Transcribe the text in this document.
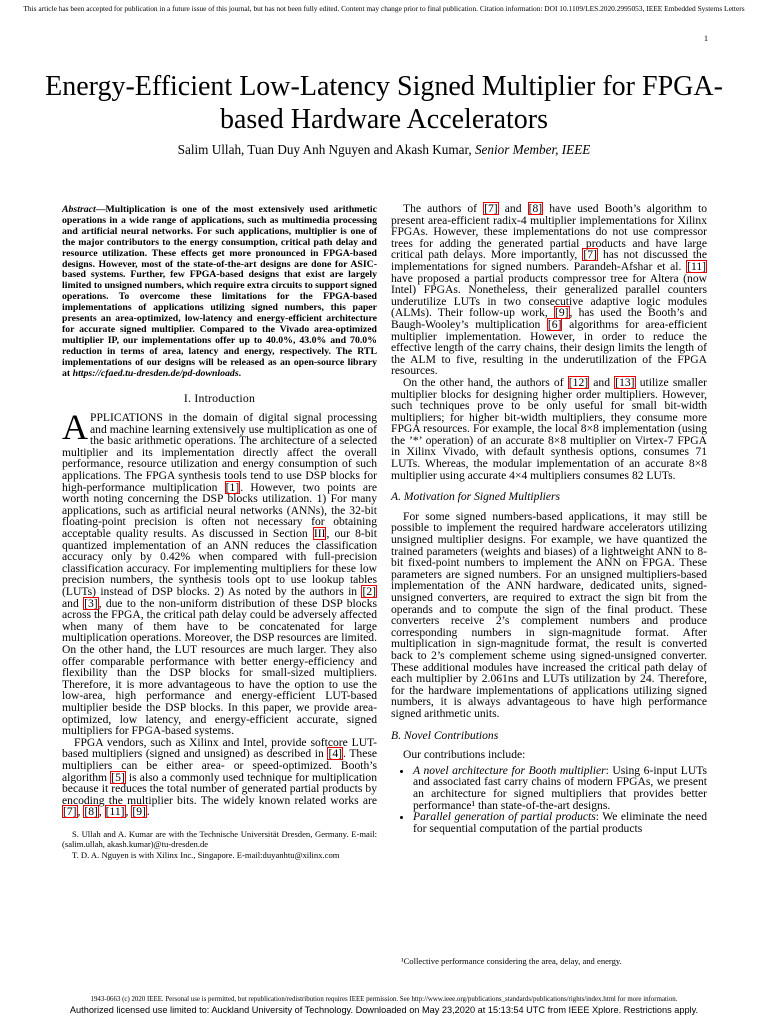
This article has been accepted for publication in a future issue of this journal, but has not been fully edited. Content may change prior to final publication. Citation information: DOI 10.1109/LES.2020.2995053, IEEE Embedded Systems Letters
1
Energy-Efficient Low-Latency Signed Multiplier for FPGA-based Hardware Accelerators
Salim Ullah, Tuan Duy Anh Nguyen and Akash Kumar, Senior Member, IEEE
Abstract—Multiplication is one of the most extensively used arithmetic operations in a wide range of applications, such as multimedia processing and artificial neural networks. For such applications, multiplier is one of the major contributors to the energy consumption, critical path delay and resource utilization. These effects get more pronounced in FPGA-based designs. However, most of the state-of-the-art designs are done for ASIC-based systems. Further, few FPGA-based designs that exist are largely limited to unsigned numbers, which require extra circuits to support signed operations. To overcome these limitations for the FPGA-based implementations of applications utilizing signed numbers, this paper presents an area-optimized, low-latency and energy-efficient architecture for accurate signed multiplier. Compared to the Vivado area-optimized multiplier IP, our implementations offer up to 40.0%, 43.0% and 70.0% reduction in terms of area, latency and energy, respectively. The RTL implementations of our designs will be released as an open-source library at https://cfaed.tu-dresden.de/pd-downloads.
I. Introduction

APPLICATIONS in the domain of digital signal processing and machine learning extensively use multiplication as one of the basic arithmetic operations. The architecture of a selected multiplier and its implementation directly affect the overall performance, resource utilization and energy consumption of such applications. The FPGA synthesis tools tend to use DSP blocks for high-performance multiplication [1]. However, two points are worth noting concerning the DSP blocks utilization. 1) For many applications, such as artificial neural networks (ANNs), the 32-bit floating-point precision is often not necessary for obtaining acceptable quality results. As discussed in Section III, our 8-bit quantized implementation of an ANN reduces the classification accuracy only by 0.42% when compared with full-precision classification accuracy. For implementing multipliers for these low precision numbers, the synthesis tools opt to use lookup tables (LUTs) instead of DSP blocks. 2) As noted by the authors in [2] and [3], due to the non-uniform distribution of these DSP blocks across the FPGA, the critical path delay could be adversely affected when many of them have to be concatenated for large multiplication operations. Moreover, the DSP resources are limited. On the other hand, the LUT resources are much larger. They also offer comparable performance with better energy-efficiency and flexibility than the DSP blocks for small-sized multipliers. Therefore, it is more advantageous to have the option to use the low-area, high performance and energy-efficient LUT-based multiplier beside the DSP blocks. In this paper, we provide area-optimized, low latency, and energy-efficient accurate, signed multipliers for FPGA-based systems.

FPGA vendors, such as Xilinx and Intel, provide softcore LUT-based multipliers (signed and unsigned) as described in [4]. These multipliers can be either area- or speed-optimized. Booth’s algorithm [5] is also a commonly used technique for multiplication because it reduces the total number of generated partial products by encoding the multiplier bits. The widely known related works are [7], [8], [11], [9].

S. Ullah and A. Kumar are with the Technische Universität Dresden, Germany. E-mail: (salim.ullah, akash.kumar)@tu-dresden.de
T. D. A. Nguyen is with Xilinx Inc., Singapore. E-mail:duyanhtu@xilinx.com

The authors of [7] and [8] have used Booth’s algorithm to present area-efficient radix-4 multiplier implementations for Xilinx FPGAs. However, these implementations do not use compressor trees for adding the generated partial products and have large critical path delays. More importantly, [7] has not discussed the implementations for signed numbers. Parandeh-Afshar et al. [11] have proposed a partial products compressor tree for Altera (now Intel) FPGAs. Nonetheless, their generalized parallel counters underutilize LUTs in two consecutive adaptive logic modules (ALMs). Their follow-up work, [9], has used the Booth’s and Baugh-Wooley’s multiplication [6] algorithms for area-efficient multiplier implementation. However, in order to reduce the effective length of the carry chains, their design limits the length of the ALM to five, resulting in the underutilization of the FPGA resources.

On the other hand, the authors of [12] and [13] utilize smaller multiplier blocks for designing higher order multipliers. However, such techniques prove to be only useful for small bit-width multipliers; for higher bit-width multipliers, they consume more FPGA resources. For example, the local 8×8 implementation (using the ’*’ operation) of an accurate 8×8 multiplier on Virtex-7 FPGA in Xilinx Vivado, with default synthesis options, consumes 71 LUTs. Whereas, the modular implementation of an accurate 8×8 multiplier using accurate 4×4 multipliers consumes 82 LUTs.

A. Motivation for Signed Multipliers

For some signed numbers-based applications, it may still be possible to implement the required hardware accelerators utilizing unsigned multiplier designs. For example, we have quantized the trained parameters (weights and biases) of a lightweight ANN to 8-bit fixed-point numbers to implement the ANN on FPGA. These parameters are signed numbers. For an unsigned multipliers-based implementation of the ANN hardware, dedicated units, signed-unsigned converters, are required to extract the sign bit from the operands and to compute the sign of the final product. These converters receive 2’s complement numbers and produce corresponding numbers in sign-magnitude format. After multiplication in sign-magnitude format, the result is converted back to 2’s complement scheme using signed-unsigned converter. These additional modules have increased the critical path delay of each multiplier by 2.061ns and LUTs utilization by 24. Therefore, for the hardware implementations of applications utilizing signed numbers, it is always advantageous to have high performance signed arithmetic units.

B. Novel Contributions

Our contributions include:

• A novel architecture for Booth multiplier: Using 6-input LUTs and associated fast carry chains of modern FPGAs, we present an architecture for signed multipliers that provides better performance¹ than state-of-the-art designs.
• Parallel generation of partial products: We eliminate the need for sequential computation of the partial products
¹Collective performance considering the area, delay, and energy.
1943-0663 (c) 2020 IEEE. Personal use is permitted, but republication/redistribution requires IEEE permission. See http://www.ieee.org/publications_standards/publications/rights/index.html for more information.
Authorized licensed use limited to: Auckland University of Technology. Downloaded on May 23,2020 at 15:13:54 UTC from IEEE Xplore. Restrictions apply.
